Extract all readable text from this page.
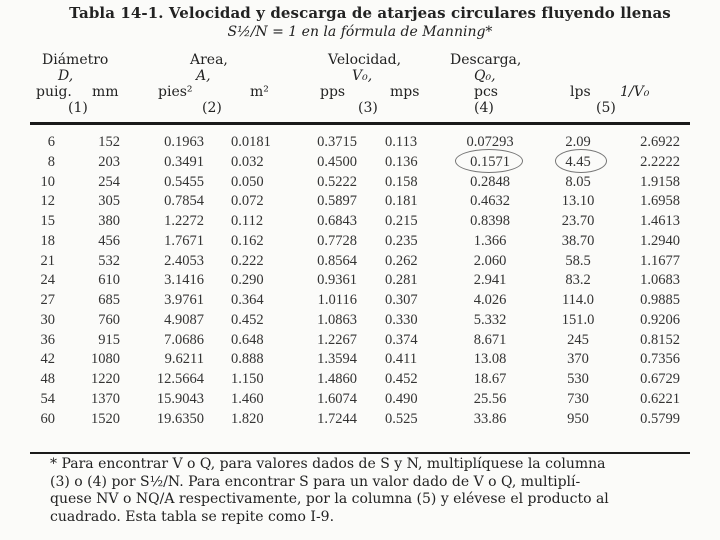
Tabla 14-1. Velocidad y descarga de atarjeas circulares fluyendo llenas
S½/N = 1 en la fórmula de Manning*
Diámetro
D,
puig. mm
(1)
Area,
A,
pies²	m²
(2)
Velocidad,
V₀,
pps	mps
(3)
Descarga,
Q₀,
pcs
(4)
lps 1/V₀
(5)
6	152	0.1963 0.0181	0.3715 0.113	0.07293	2.09	2.6922
8	203	0.3491 0.032	0.4500 0.136	0.1571	4.45	2.2222
10	254	0.5455 0.050	0.5222 0.158	0.2848	8.05	1.9158
12	305	0.7854 0.072	0.5897 0.181	0.4632	13.10	1.6958
15	380	1.2272 0.112	0.6843 0.215	0.8398	23.70	1.4613
18	456	1.7671 0.162	0.7728 0.235	1.366	38.70	1.2940
21	532	2.4053 0.222	0.8564 0.262	2.060	58.5	1.1677
24	610	3.1416 0.290	0.9361 0.281	2.941	83.2	1.0683
27	685	3.9761 0.364	1.0116 0.307	4.026	114.0	0.9885
30	760	4.9087 0.452	1.0863 0.330	5.332	151.0	0.9206
36	915	7.0686 0.648	1.2267 0.374	8.671	245	0.8152
42	1080	9.6211 0.888	1.3594 0.411	13.08	370	0.7356
48	1220	12.5664 1.150	1.4860 0.452	18.67	530	0.6729
54	1370	15.9043 1.460	1.6074 0.490	25.56	730	0.6221
60	1520	19.6350 1.820	1.7244 0.525	33.86	950	0.5799
* Para encontrar V o Q, para valores dados de S y N, multiplíquese la columna
(3) o (4) por S½/N. Para encontrar S para un valor dado de V o Q, multiplí-
quese NV o NQ/A respectivamente, por la columna (5) y elévese el producto al
cuadrado. Esta tabla se repite como I-9.
